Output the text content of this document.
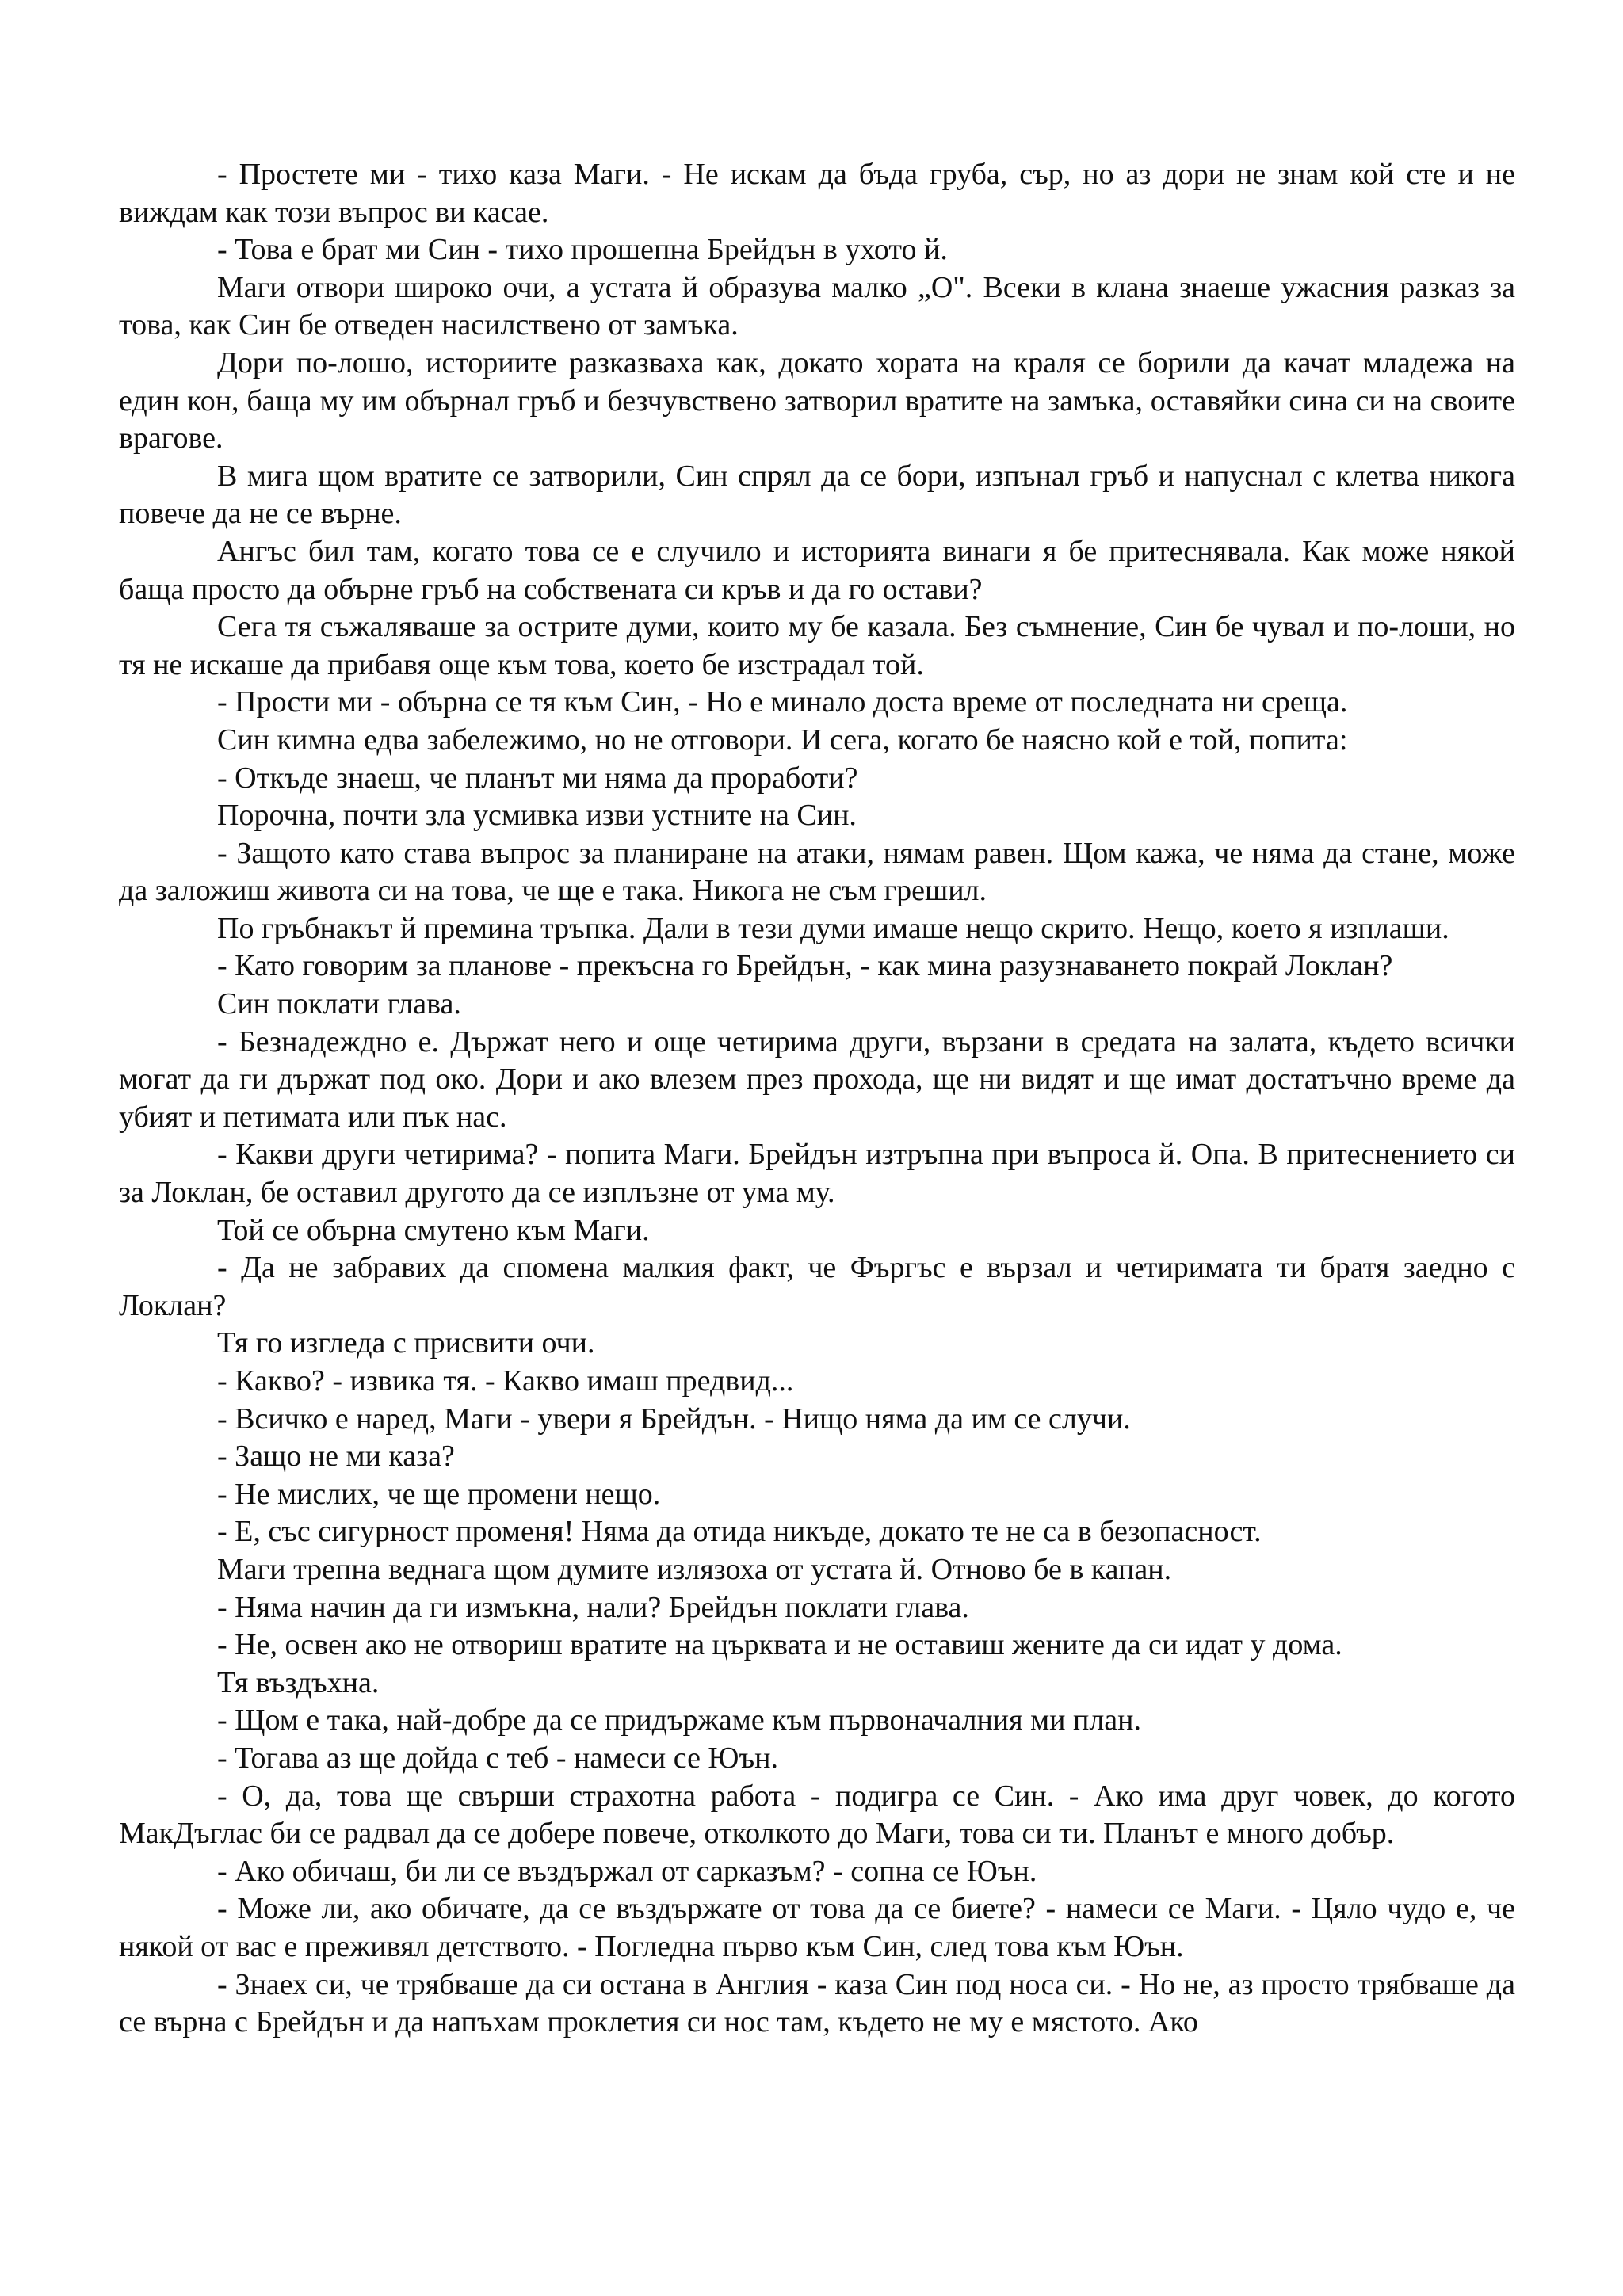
- Простете ми - тихо каза Маги. - Не искам да бъда груба, сър, но аз дори не знам кой сте и не виждам как този въпрос ви касае.

- Това е брат ми Син - тихо прошепна Брейдън в ухото й.

Маги отвори широко очи, а устата й образува малко „O". Всеки в клана знаеше ужасния разказ за това, как Син бе отведен насилствено от замъка.

Дори по-лошо, историите разказваха как, докато хората на краля се борили да качат младежа на един кон, баща му им обърнал гръб и безчувствено затворил вратите на замъка, оставяйки сина си на своите врагове.

В мига щом вратите се затворили, Син спрял да се бори, изпънал гръб и напуснал с клетва никога повече да не се върне.

Ангъс бил там, когато това се е случило и историята винаги я бе притеснявала. Как може някой баща просто да обърне гръб на собствената си кръв и да го остави?

Сега тя съжаляваше за острите думи, които му бе казала. Без съмнение, Син бе чувал и по-лоши, но тя не искаше да прибавя още към това, което бе изстрадал той.

- Прости ми - обърна се тя към Син, - Но е минало доста време от последната ни среща.

Син кимна едва забележимо, но не отговори. И сега, когато бе наясно кой е той, попита:

- Откъде знаеш, че планът ми няма да проработи?

Порочна, почти зла усмивка изви устните на Син.

- Защото като става въпрос за планиране на атаки, нямам равен. Щом кажа, че няма да стане, може да заложиш живота си на това, че ще е така. Никога не съм грешил.

По гръбнакът й премина тръпка. Дали в тези думи имаше нещо скрито. Нещо, което я изплаши.

- Като говорим за планове - прекъсна го Брейдън, - как мина разузнаването покрай Локлан?

Син поклати глава.

- Безнадеждно е. Държат него и още четирима други, вързани в средата на залата, където всички могат да ги държат под око. Дори и ако влезем през прохода, ще ни видят и ще имат достатъчно време да убият и петимата или пък нас.

- Какви други четирима? - попита Маги. Брейдън изтръпна при въпроса й. Опа. В притеснението си за Локлан, бе оставил другото да се изплъзне от ума му.

Той се обърна смутено към Маги.

- Да не забравих да спомена малкия факт, че Фъргъс е вързал и четиримата ти братя заедно с Локлан?

Тя го изгледа с присвити очи.

- Какво? - извика тя. - Какво имаш предвид...

- Всичко е наред, Маги - увери я Брейдън. - Нищо няма да им се случи.

- Защо не ми каза?

- Не мислих, че ще промени нещо.

- Е, със сигурност променя! Няма да отида никъде, докато те не са в безопасност.

Маги трепна веднага щом думите излязоха от устата й. Отново бе в капан.

- Няма начин да ги измъкна, нали? Брейдън поклати глава.

- Не, освен ако не отвориш вратите на църквата и не оставиш жените да си идат у дома.

Тя въздъхна.

- Щом е така, най-добре да се придържаме към първоначалния ми план.

- Тогава аз ще дойда с теб - намеси се Юън.

- О, да, това ще свърши страхотна работа - подигра се Син. - Ако има друг човек, до когото МакДъглас би се радвал да се добере повече, отколкото до Маги, това си ти. Планът е много добър.

- Ако обичаш, би ли се въздържал от сарказъм? - сопна се Юън.

- Може ли, ако обичате, да се въздържате от това да се биете? - намеси се Маги. - Цяло чудо е, че някой от вас е преживял детството. - Погледна първо към Син, след това към Юън.

- Знаех си, че трябваше да си остана в Англия - каза Син под носа си. - Но не, аз просто трябваше да се върна с Брейдън и да напъхам проклетия си нос там, където не му е мястото. Ако
